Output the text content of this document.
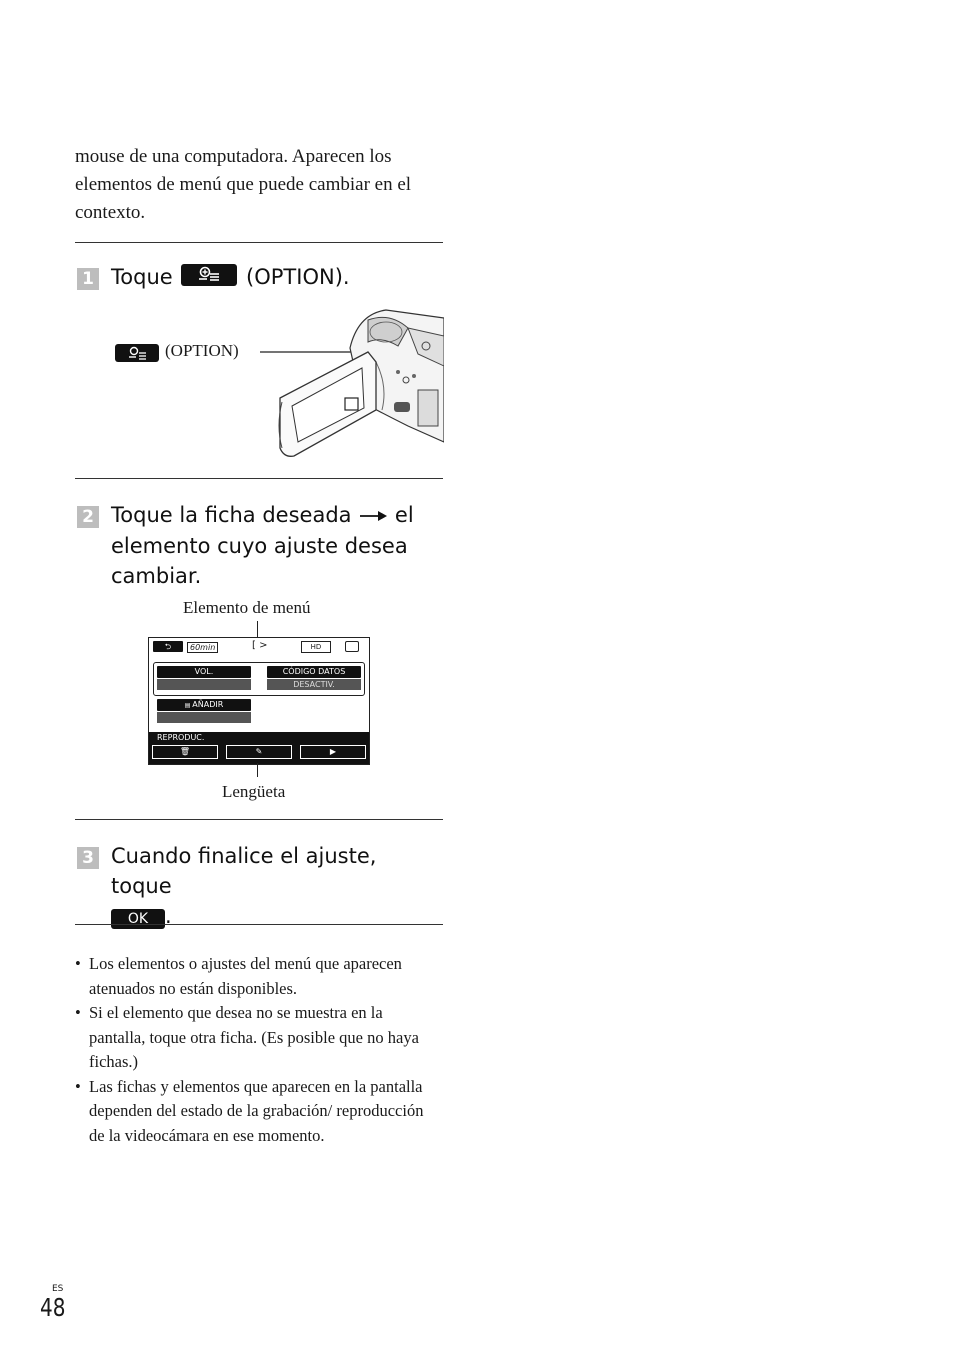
mouse de una computadora. Aparecen los elementos de menú que puede cambiar en el contexto.
1 Toque	(OPTION).
(OPTION)
2 Toque la ficha deseada el elemento cuyo ajuste desea cambiar.
Elemento de menú
⮌	60min	[ >	HD
VOL.	CÓDIGO DATOS
DESACTIV.
▤ AÑADIR
REPRODUC.
🗑	✎	▶
Lengüeta
3 Cuando finalice el ajuste, toque
OK .
• Los elementos o ajustes del menú que aparecen atenuados no están disponibles.
• Si el elemento que desea no se muestra en la pantalla, toque otra ficha. (Es posible que no haya fichas.)
• Las fichas y elementos que aparecen en la pantalla dependen del estado de la grabación/ reproducción de la videocámara en ese momento.
ES
48
